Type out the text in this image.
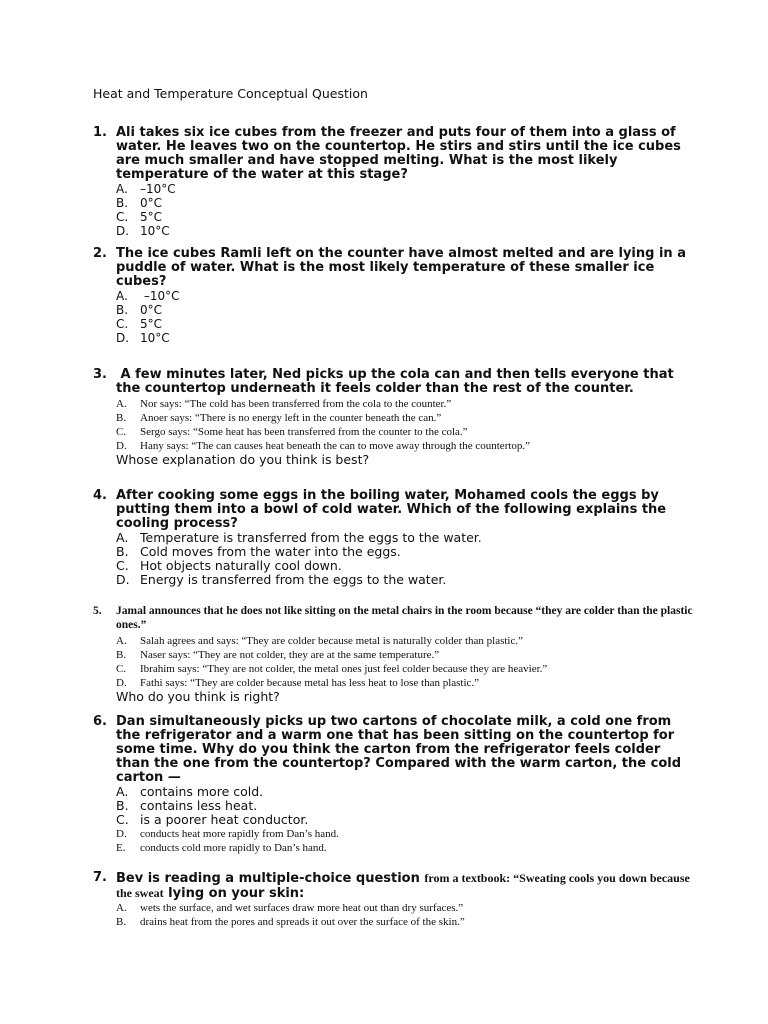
Heat and Temperature Conceptual Question
1. Ali takes six ice cubes from the freezer and puts four of them into a glass of water. He leaves two on the countertop. He stirs and stirs until the ice cubes are much smaller and have stopped melting. What is the most likely temperature of the water at this stage?
A.	–10°C
B. 0°C
C. 5°C
D. 10°C
2. The ice cubes Ramli left on the counter have almost melted and are lying in a puddle of water. What is the most likely temperature of these smaller ice cubes?
A.	–10°C
B. 0°C
C. 5°C
D. 10°C
3. A few minutes later, Ned picks up the cola can and then tells everyone that the countertop underneath it feels colder than the rest of the counter.
A.	Nor says: “The cold has been transferred from the cola to the counter.”
B.	Anoer says: “There is no energy left in the counter beneath the can.”
C.	Sergo says: “Some heat has been transferred from the counter to the cola.”
D.	Hany says: “The can causes heat beneath the can to move away through the countertop.”
Whose explanation do you think is best?
4. After cooking some eggs in the boiling water, Mohamed cools the eggs by putting them into a bowl of cold water. Which of the following explains the cooling process?
A. Temperature is transferred from the eggs to the water.
B. Cold moves from the water into the eggs.
C. Hot objects naturally cool down.
D. Energy is transferred from the eggs to the water.
5.	Jamal announces that he does not like sitting on the metal chairs in the room because “they are colder than the plastic ones.”
A.	Salah agrees and says: “They are colder because metal is naturally colder than plastic.”
B.	Naser says: “They are not colder, they are at the same temperature.”
C.	Ibrahim says: “They are not colder, the metal ones just feel colder because they are heavier.”
D.	Fathi says: “They are colder because metal has less heat to lose than plastic.”
Who do you think is right?
6. Dan simultaneously picks up two cartons of chocolate milk, a cold one from the refrigerator and a warm one that has been sitting on the countertop for some time. Why do you think the carton from the refrigerator feels colder than the one from the countertop? Compared with the warm carton, the cold carton —
A. contains more cold.
B. contains less heat.
C. is a poorer heat conductor.
D.	conducts heat more rapidly from Dan’s hand.
E.	conducts cold more rapidly to Dan’s hand.
7. Bev is reading a multiple-choice question from a textbook: “Sweating cools you down because the sweat lying on your skin:
A.	wets the surface, and wet surfaces draw more heat out than dry surfaces.”
B.	drains heat from the pores and spreads it out over the surface of the skin.”
